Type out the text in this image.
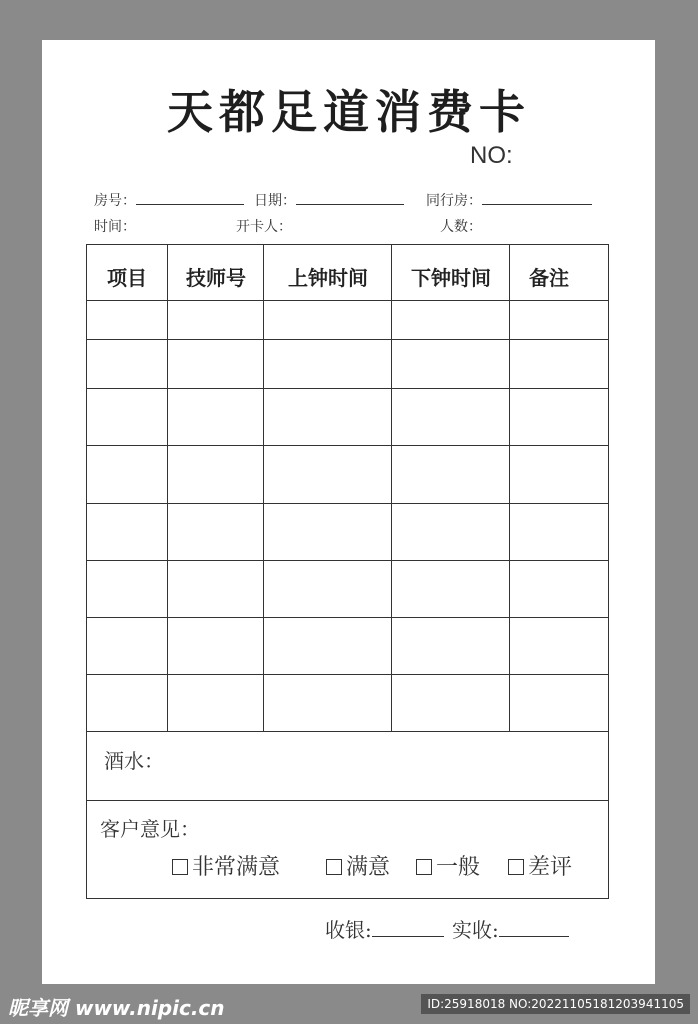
天都足道消费卡
NO:
房号：	日期：	同行房：
时间：	开卡人：	人数：
项目	技师号	上钟时间	下钟时间	备注
酒水：
客户意见：
非常满意	满意	一般	差评
收银:	实收:
昵享网 www.nipic.cn	ID:25918018 NO:20221105181203941105
